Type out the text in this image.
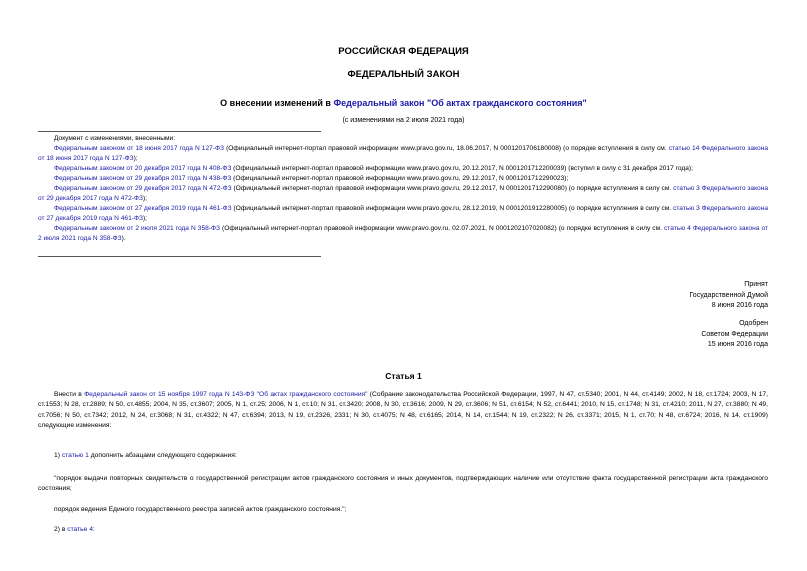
РОССИЙСКАЯ ФЕДЕРАЦИЯ
ФЕДЕРАЛЬНЫЙ ЗАКОН
О внесении изменений в Федеральный закон "Об актах гражданского состояния"
(с изменениями на 2 июля 2021 года)

Документ с изменениями, внесенными:

Федеральным законом от 18 июня 2017 года N 127-ФЗ (Официальный интернет-портал правовой информации www.pravo.gov.ru, 18.06.2017, N 0001201706180008) (о порядке вступления в силу см. статью 14 Федерального закона от 18 июня 2017 года N 127-ФЗ);

Федеральным законом от 20 декабря 2017 года N 408-ФЗ (Официальный интернет-портал правовой информации www.pravo.gov.ru, 20.12.2017, N 0001201712200039) (вступил в силу с 31 декабря 2017 года);

Федеральным законом от 29 декабря 2017 года N 438-ФЗ (Официальный интернет-портал правовой информации www.pravo.gov.ru, 29.12.2017, N 0001201712290023);

Федеральным законом от 29 декабря 2017 года N 472-ФЗ (Официальный интернет-портал правовой информации www.pravo.gov.ru, 29.12.2017, N 0001201712290080) (о порядке вступления в силу см. статью 3 Федерального закона от 29 декабря 2017 года N 472-ФЗ);

Федеральным законом от 27 декабря 2019 года N 461-ФЗ (Официальный интернет-портал правовой информации www.pravo.gov.ru, 28.12.2019, N 0001201912280005) (о порядке вступления в силу см. статью 3 Федерального закона от 27 декабря 2019 года N 461-ФЗ);

Федеральным законом от 2 июля 2021 года N 358-ФЗ (Официальный интернет-портал правовой информации www.pravo.gov.ru, 02.07.2021, N 0001202107020082) (о порядке вступления в силу см. статью 4 Федерального закона от 2 июля 2021 года N 358-ФЗ).

Принят
Государственной Думой
8 июня 2016 года
Одобрен
Советом Федерации
15 июня 2016 года
Статья 1

Внести в Федеральный закон от 15 ноября 1997 года N 143-ФЗ "Об актах гражданского состояния" (Собрание законодательства Российской Федерации, 1997, N 47, ст.5340; 2001, N 44, ст.4149; 2002, N 18, ст.1724; 2003, N 17, ст.1553; N 28, ст.2889; N 50, ст.4855; 2004, N 35, ст.3607; 2005, N 1, ст.25; 2006, N 1, ст.10; N 31, ст.3420; 2008, N 30, ст.3616; 2009, N 29, ст.3606; N 51, ст.6154; N 52, ст.6441; 2010, N 15, ст.1748; N 31, ст.4210; 2011, N 27, ст.3880; N 49, ст.7056; N 50, ст.7342; 2012, N 24, ст.3068; N 31, ст.4322; N 47, ст.6394; 2013, N 19, ст.2326, 2331; N 30, ст.4075; N 48, ст.6165; 2014, N 14, ст.1544; N 19, ст.2322; N 26, ст.3371; 2015, N 1, ст.70; N 48, ст.6724; 2016, N 14, ст.1909) следующие изменения:

1) статью 1 дополнить абзацами следующего содержания:

"порядок выдачи повторных свидетельств о государственной регистрации актов гражданского состояния и иных документов, подтверждающих наличие или отсутствие факта государственной регистрации акта гражданского состояния;

порядок ведения Единого государственного реестра записей актов гражданского состояния.";

2) в статье 4:
